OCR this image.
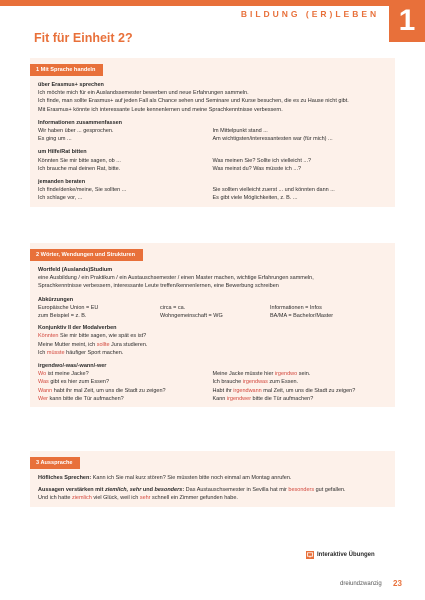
BILDUNG (ER)LEBEN 1
Fit für Einheit 2?
1 Mit Sprache handeln
über Erasmus+ sprechen
Ich möchte mich für ein Auslandssemester bewerben und neue Erfahrungen sammeln.
Ich finde, man sollte Erasmus+ auf jeden Fall als Chance sehen und Seminare und Kurse besuchen, die es zu Hause nicht gibt.
Mit Erasmus+ könnte ich interessante Leute kennenlernen und meine Sprachkenntnisse verbessern.
Informationen zusammenfassen
Wir haben über ... gesprochen.	Im Mittelpunkt stand ...
Es ging um ...	Am wichtigsten/interessantesten war (für mich) ...
um Hilfe/Rat bitten
Könnten Sie mir bitte sagen, ob ...	Was meinen Sie? Sollte ich vielleicht ...?
Ich brauche mal deinen Rat, bitte.	Was meinst du? Was müsste ich ...?
jemanden beraten
Ich finde/denke/meine, Sie sollten ...	Sie sollten vielleicht zuerst ... und könnten dann ...
Ich schlage vor, ...	Es gibt viele Möglichkeiten, z. B. ...
2 Wörter, Wendungen und Strukturen
Wortfeld (Auslands)Studium
eine Ausbildung / ein Praktikum / ein Austauschsemester / einen Master machen, wichtige Erfahrungen sammeln,
Sprachkenntnisse verbessern, interessante Leute treffen/kennenlernen, eine Bewerbung schreiben
Abkürzungen
Europäische Union = EU	circa = ca.	Informationen = Infos
zum Beispiel = z. B.	Wohngemeinschaft = WG	BA/MA = Bachelor/Master
Konjunktiv II der Modalverben
Könnten Sie mir bitte sagen, wie spät es ist?
Meine Mutter meint, ich sollte Jura studieren.
Ich müsste häufiger Sport machen.
irgendwo/-was/-wann/-wer
Wo ist meine Jacke?	Meine Jacke müsste hier irgendwo sein.
Was gibt es hier zum Essen?	Ich brauche irgendwas zum Essen.
Wann habt ihr mal Zeit, um uns die Stadt zu zeigen?	Habt ihr irgendwann mal Zeit, um uns die Stadt zu zeigen?
Wer kann bitte die Tür aufmachen?	Kann irgendwer bitte die Tür aufmachen?
3 Aussprache
Höfliches Sprechen: Kann ich Sie mal kurz stören? Sie müssten bitte noch einmal am Montag anrufen.
Aussagen verstärken mit ziemlich, sehr und besonders: Das Austauschsemester in Sevilla hat mir besonders gut gefallen.
Und ich hatte ziemlich viel Glück, weil ich sehr schnell ein Zimmer gefunden habe.
Interaktive Übungen
dreiundzwanzig 23
